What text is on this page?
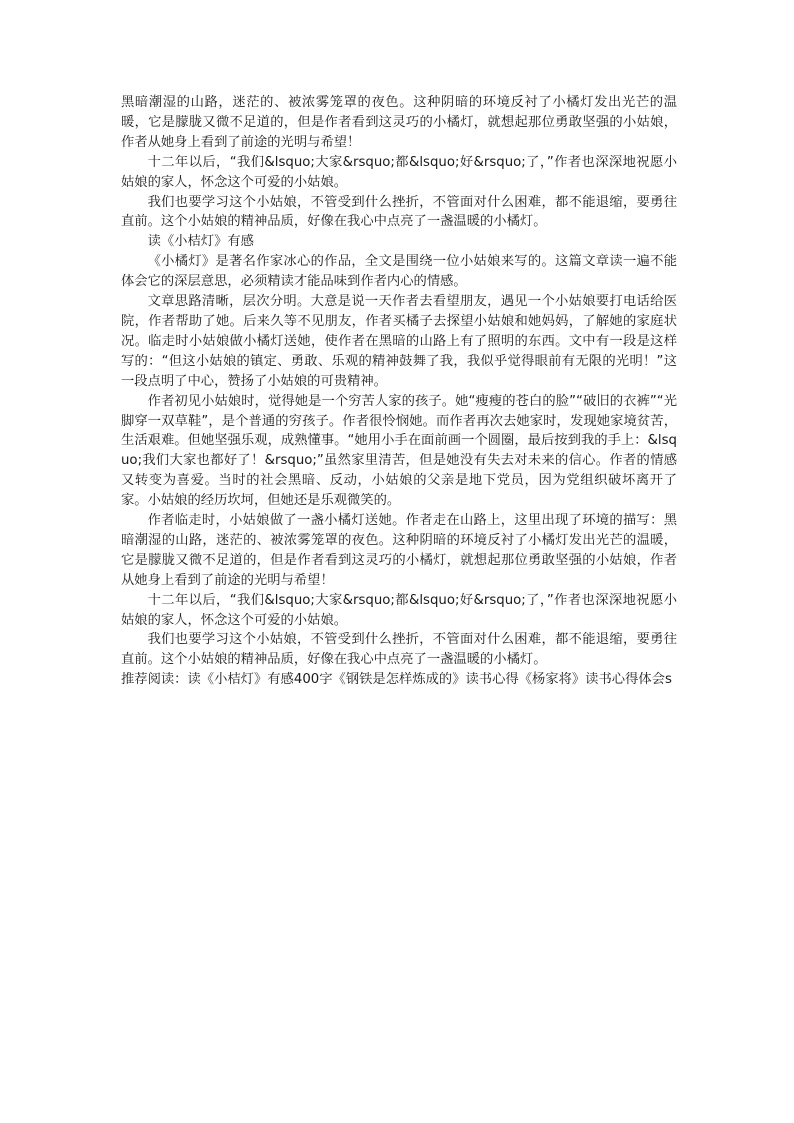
黑暗潮湿的山路，迷茫的、被浓雾笼罩的夜色。这种阴暗的环境反衬了小橘灯发出光芒的温暖，它是朦胧又微不足道的，但是作者看到这灵巧的小橘灯，就想起那位勇敢坚强的小姑娘，作者从她身上看到了前途的光明与希望！

十二年以后，“我们&lsquo;大家&rsquo;都&lsquo;好&rsquo;了，”作者也深深地祝愿小姑娘的家人，怀念这个可爱的小姑娘。

我们也要学习这个小姑娘，不管受到什么挫折，不管面对什么困难，都不能退缩，要勇往直前。这个小姑娘的精神品质，好像在我心中点亮了一盏温暖的小橘灯。

读《小桔灯》有感

《小橘灯》是著名作家冰心的作品，全文是围绕一位小姑娘来写的。这篇文章读一遍不能体会它的深层意思，必须精读才能品味到作者内心的情感。

文章思路清晰，层次分明。大意是说一天作者去看望朋友，遇见一个小姑娘要打电话给医院，作者帮助了她。后来久等不见朋友，作者买橘子去探望小姑娘和她妈妈，了解她的家庭状况。临走时小姑娘做小橘灯送她，使作者在黑暗的山路上有了照明的东西。文中有一段是这样写的：“但这小姑娘的镇定、勇敢、乐观的精神鼓舞了我，我似乎觉得眼前有无限的光明！”这一段点明了中心，赞扬了小姑娘的可贵精神。

作者初见小姑娘时，觉得她是一个穷苦人家的孩子。她“瘦瘦的苍白的脸”“破旧的衣裤”“光脚穿一双草鞋”，是个普通的穷孩子。作者很怜悯她。而作者再次去她家时，发现她家境贫苦，生活艰难。但她坚强乐观，成熟懂事。“她用小手在面前画一个圆圈，最后按到我的手上：&lsquo;我们大家也都好了！&rsquo;”虽然家里清苦，但是她没有失去对未来的信心。作者的情感又转变为喜爱。当时的社会黑暗、反动，小姑娘的父亲是地下党员，因为党组织破坏离开了家。小姑娘的经历坎坷，但她还是乐观微笑的。

作者临走时，小姑娘做了一盏小橘灯送她。作者走在山路上，这里出现了环境的描写：黑暗潮湿的山路，迷茫的、被浓雾笼罩的夜色。这种阴暗的环境反衬了小橘灯发出光芒的温暖，它是朦胧又微不足道的，但是作者看到这灵巧的小橘灯，就想起那位勇敢坚强的小姑娘，作者从她身上看到了前途的光明与希望！

十二年以后，“我们&lsquo;大家&rsquo;都&lsquo;好&rsquo;了，”作者也深深地祝愿小姑娘的家人，怀念这个可爱的小姑娘。

我们也要学习这个小姑娘，不管受到什么挫折，不管面对什么困难，都不能退缩，要勇往直前。这个小姑娘的精神品质，好像在我心中点亮了一盏温暖的小橘灯。

推荐阅读：读《小桔灯》有感400字《钢铁是怎样炼成的》读书心得《杨家将》读书心得体会s
